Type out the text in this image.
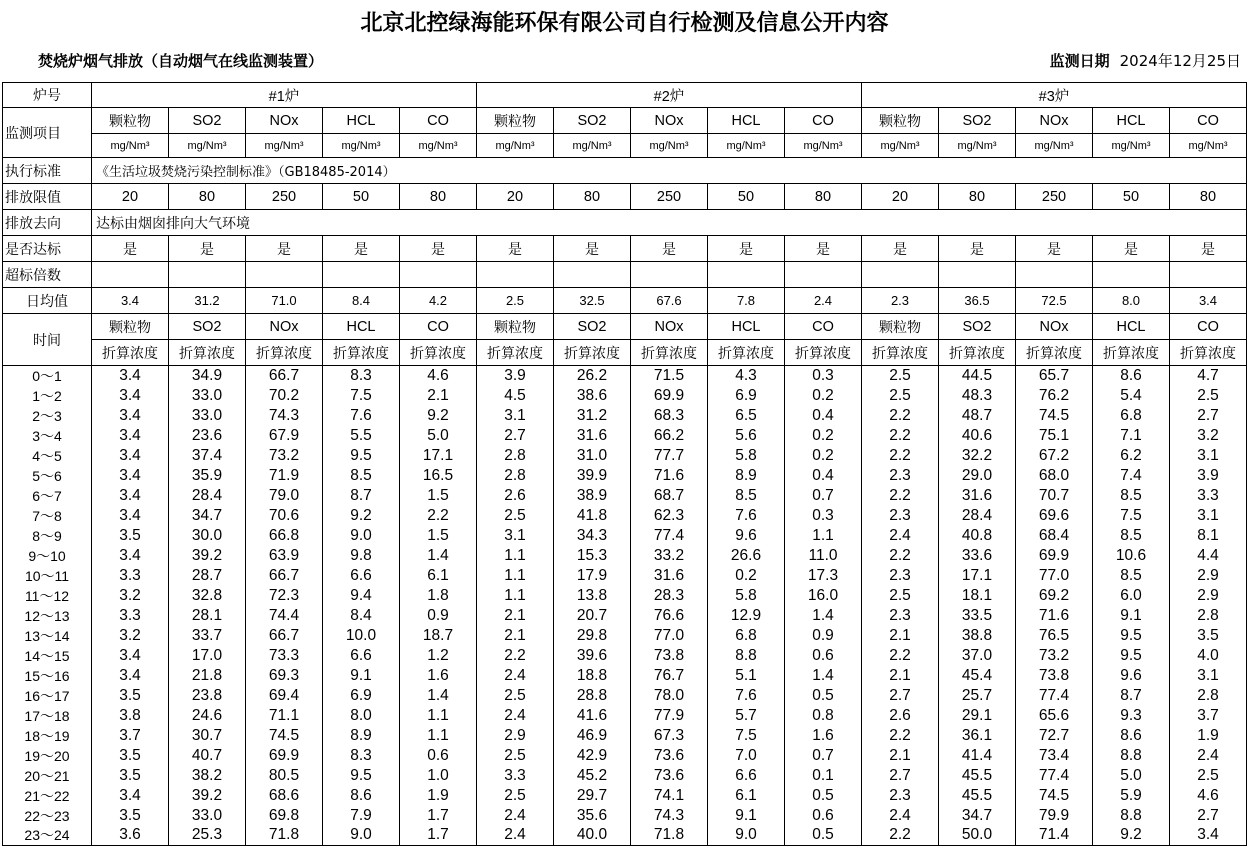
北京北控绿海能环保有限公司自行检测及信息公开内容
焚烧炉烟气排放（自动烟气在线监测装置）	监测日期 2024年12月25日
炉号	#1炉					#2炉					#3炉				
监测项目	颗粒物	SO2	NOx	HCL	CO	颗粒物	SO2	NOx	HCL	CO	颗粒物	SO2	NOx	HCL	CO
	mg/Nm³	mg/Nm³	mg/Nm³	mg/Nm³	mg/Nm³	mg/Nm³	mg/Nm³	mg/Nm³	mg/Nm³	mg/Nm³	mg/Nm³	mg/Nm³	mg/Nm³	mg/Nm³	mg/Nm³
执行标准	《生活垃圾焚烧污染控制标准》（GB18485-2014）														
排放限值	20	80	250	50	80	20	80	250	50	80	20	80	250	50	80
排放去向	达标由烟囱排向大气环境														
是否达标	是	是	是	是	是	是	是	是	是	是	是	是	是	是	是
超标倍数															
日均值	3.4	31.2	71.0	8.4	4.2	2.5	32.5	67.6	7.8	2.4	2.3	36.5	72.5	8.0	3.4
时间	颗粒物	SO2	NOx	HCL	CO	颗粒物	SO2	NOx	HCL	CO	颗粒物	SO2	NOx	HCL	CO
	折算浓度	折算浓度	折算浓度	折算浓度	折算浓度	折算浓度	折算浓度	折算浓度	折算浓度	折算浓度	折算浓度	折算浓度	折算浓度	折算浓度	折算浓度
0～1	3.4	34.9	66.7	8.3	4.6	3.9	26.2	71.5	4.3	0.3	2.5	44.5	65.7	8.6	4.7
1～2	3.4	33.0	70.2	7.5	2.1	4.5	38.6	69.9	6.9	0.2	2.5	48.3	76.2	5.4	2.5
2～3	3.4	33.0	74.3	7.6	9.2	3.1	31.2	68.3	6.5	0.4	2.2	48.7	74.5	6.8	2.7
3～4	3.4	23.6	67.9	5.5	5.0	2.7	31.6	66.2	5.6	0.2	2.2	40.6	75.1	7.1	3.2
4～5	3.4	37.4	73.2	9.5	17.1	2.8	31.0	77.7	5.8	0.2	2.2	32.2	67.2	6.2	3.1
5～6	3.4	35.9	71.9	8.5	16.5	2.8	39.9	71.6	8.9	0.4	2.3	29.0	68.0	7.4	3.9
6～7	3.4	28.4	79.0	8.7	1.5	2.6	38.9	68.7	8.5	0.7	2.2	31.6	70.7	8.5	3.3
7～8	3.4	34.7	70.6	9.2	2.2	2.5	41.8	62.3	7.6	0.3	2.3	28.4	69.6	7.5	3.1
8～9	3.5	30.0	66.8	9.0	1.5	3.1	34.3	77.4	9.6	1.1	2.4	40.8	68.4	8.5	8.1
9～10	3.4	39.2	63.9	9.8	1.4	1.1	15.3	33.2	26.6	11.0	2.2	33.6	69.9	10.6	4.4
10～11	3.3	28.7	66.7	6.6	6.1	1.1	17.9	31.6	0.2	17.3	2.3	17.1	77.0	8.5	2.9
11～12	3.2	32.8	72.3	9.4	1.8	1.1	13.8	28.3	5.8	16.0	2.5	18.1	69.2	6.0	2.9
12～13	3.3	28.1	74.4	8.4	0.9	2.1	20.7	76.6	12.9	1.4	2.3	33.5	71.6	9.1	2.8
13～14	3.2	33.7	66.7	10.0	18.7	2.1	29.8	77.0	6.8	0.9	2.1	38.8	76.5	9.5	3.5
14～15	3.4	17.0	73.3	6.6	1.2	2.2	39.6	73.8	8.8	0.6	2.2	37.0	73.2	9.5	4.0
15～16	3.4	21.8	69.3	9.1	1.6	2.4	18.8	76.7	5.1	1.4	2.1	45.4	73.8	9.6	3.1
16～17	3.5	23.8	69.4	6.9	1.4	2.5	28.8	78.0	7.6	0.5	2.7	25.7	77.4	8.7	2.8
17～18	3.8	24.6	71.1	8.0	1.1	2.4	41.6	77.9	5.7	0.8	2.6	29.1	65.6	9.3	3.7
18～19	3.7	30.7	74.5	8.9	1.1	2.9	46.9	67.3	7.5	1.6	2.2	36.1	72.7	8.6	1.9
19～20	3.5	40.7	69.9	8.3	0.6	2.5	42.9	73.6	7.0	0.7	2.1	41.4	73.4	8.8	2.4
20～21	3.5	38.2	80.5	9.5	1.0	3.3	45.2	73.6	6.6	0.1	2.7	45.5	77.4	5.0	2.5
21～22	3.4	39.2	68.6	8.6	1.9	2.5	29.7	74.1	6.1	0.5	2.3	45.5	74.5	5.9	4.6
22～23	3.5	33.0	69.8	7.9	1.7	2.4	35.6	74.3	9.1	0.6	2.4	34.7	79.9	8.8	2.7
23～24	3.6	25.3	71.8	9.0	1.7	2.4	40.0	71.8	9.0	0.5	2.2	50.0	71.4	9.2	3.4
